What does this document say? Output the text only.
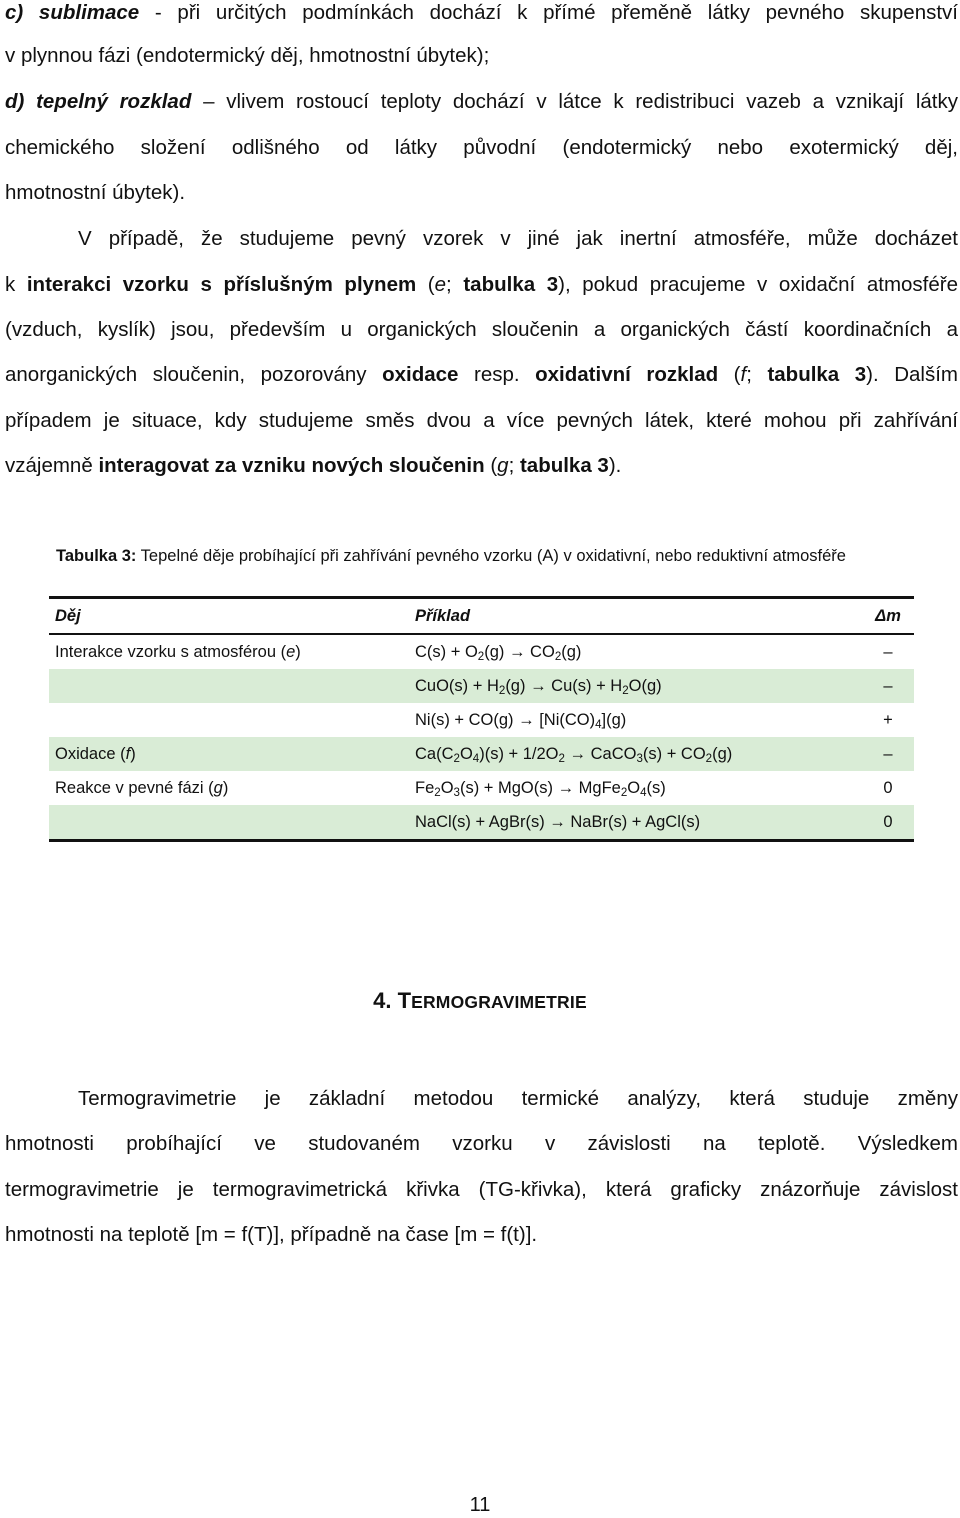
c) sublimace - při určitých podmínkách dochází k přímé přeměně látky pevného skupenství
v plynnou fázi (endotermický děj, hmotnostní úbytek);
d) tepelný rozklad – vlivem rostoucí teploty dochází v látce k redistribuci vazeb a vznikají látky
chemického složení odlišného od látky původní (endotermický nebo exotermický děj,
hmotnostní úbytek).
V případě, že studujeme pevný vzorek v jiné jak inertní atmosféře, může docházet
k interakci vzorku s příslušným plynem (e; tabulka 3), pokud pracujeme v oxidační atmosféře
(vzduch, kyslík) jsou, především u organických sloučenin a organických částí koordinačních a
anorganických sloučenin, pozorovány oxidace resp. oxidativní rozklad (f; tabulka 3). Dalším
případem je situace, kdy studujeme směs dvou a více pevných látek, které mohou při zahřívání
vzájemně interagovat za vzniku nových sloučenin (g; tabulka 3).
Tabulka 3: Tepelné děje probíhající při zahřívání pevného vzorku (A) v oxidativní, nebo reduktivní atmosféře
Děj	Příklad	Δm
Interakce vzorku s atmosférou (e)	$C(s) + O_2(g) \to CO_2(g)$	–
	$CuO(s) + H_2(g) \to Cu(s) + H_2O(g)$	–
	$Ni(s) + CO(g) \to [Ni(CO)_4](g)$	+
Oxidace (f)	$Ca(C_2O_4)(s) + 1/2O_2$ → CaCO$_3$(s) + $CO_2(g)$	–
Reakce v pevné fázi (g)	$Fe_2O_3(s) + MgO(s)$ → $MgFe_2O_4(s)$	0
	NaCl(s) + AgBr(s) → NaBr(s) + AgCl(s)	0
4. TERMOGRAVIMETRIE
Termogravimetrie je základní metodou termické analýzy, která studuje změny
hmotnosti probíhající ve studovaném vzorku v závislosti na teplotě. Výsledkem
termogravimetrie je termogravimetrická křivka (TG-křivka), která graficky znázorňuje závislost
hmotnosti na teplotě [m = f(T)], případně na čase [m = f(t)].
11
